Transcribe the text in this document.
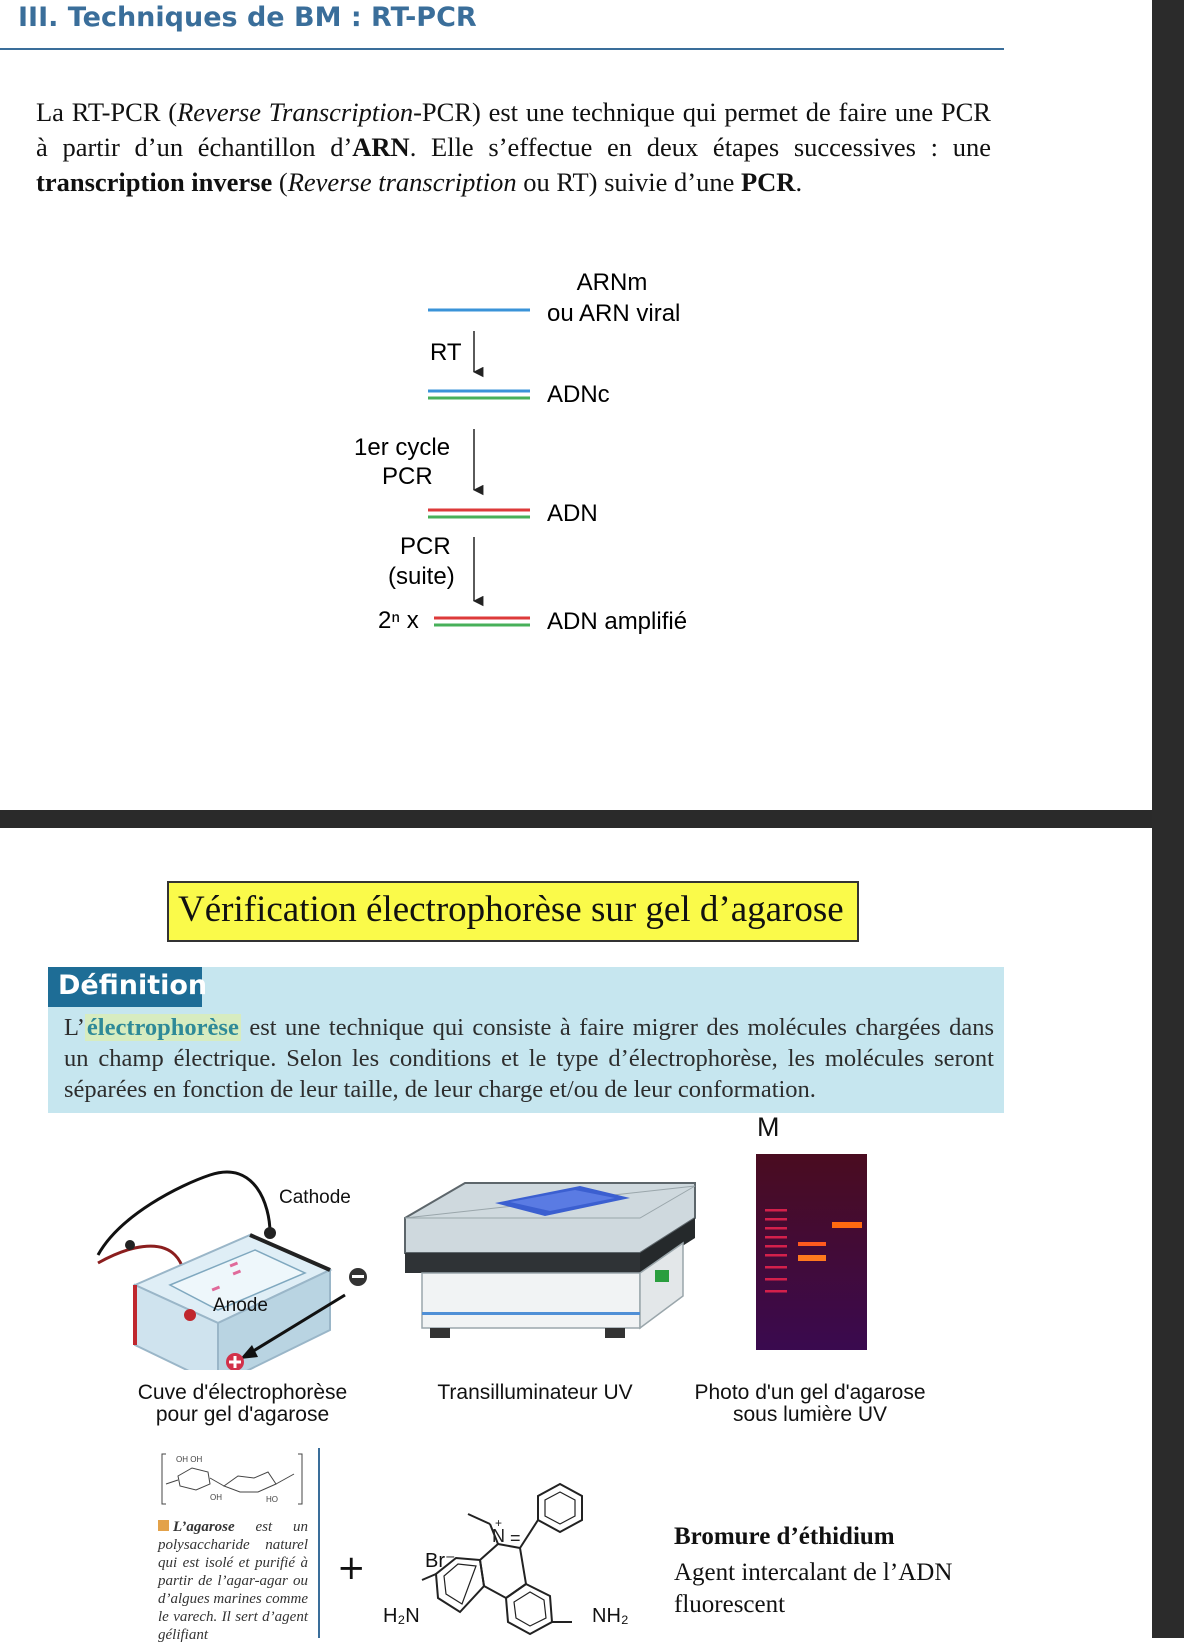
III. Techniques de BM : RT-PCR
La RT-PCR (Reverse Transcription-PCR) est une technique qui permet de faire une PCR à partir d’un échantillon d’ARN. Elle s’effectue en deux étapes successives : une transcription inverse (Reverse transcription ou RT) suivie d’une PCR.
ARNm
ou ARN viral
RT
ADNc
1er cycle
PCR
ADN
PCR
(suite)
2ⁿ x	ADN amplifié
Vérification électrophorèse sur gel d’agarose
Définition
L’électrophorèse est une technique qui consiste à faire migrer des molécules chargées dans un champ électrique. Selon les conditions et le type d’électrophorèse, les molécules seront séparées en fonction de leur taille, de leur charge et/ou de leur conformation.
Cathode
Anode
Cuve d'électrophorèse
pour gel d'agarose
Transilluminateur UV
M
Photo d'un gel d'agarose
sous lumière UV
OH OH
OH	HO
L’agarose est un polysaccharide naturel qui est isolé et purifié à partir de l’agar-agar ou d’algues marines comme le varech. Il sert d’agent gélifiant
+
N
+
=
Br⁻
H₂N	NH₂
Bromure d’éthidium
Agent intercalant de l’ADN
fluorescent
